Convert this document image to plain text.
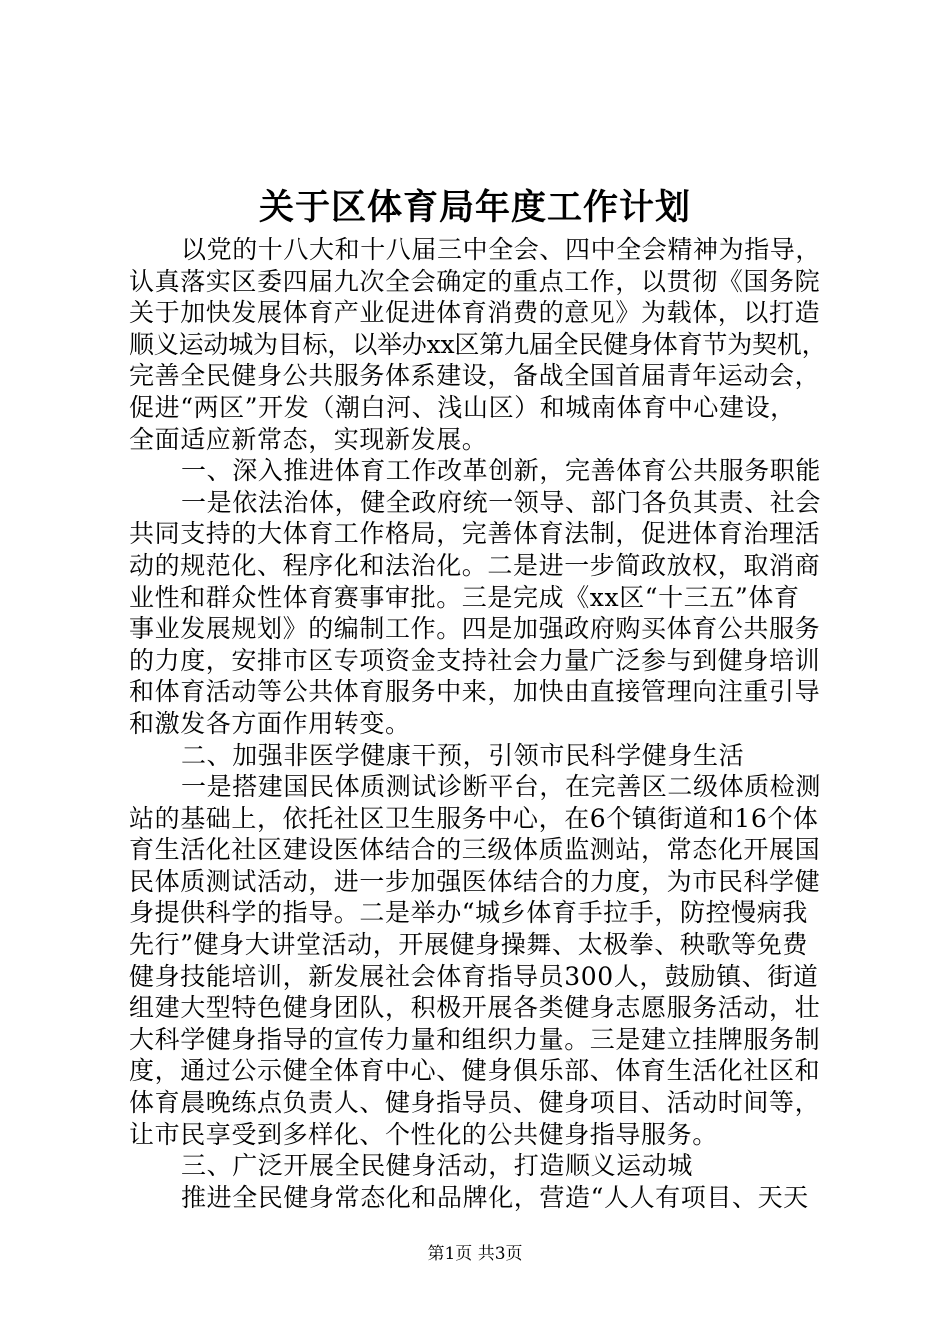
关于区体育局年度工作计划
以党的十八大和十八届三中全会、四中全会精神为指导，
认真落实区委四届九次全会确定的重点工作，以贯彻《国务院
关于加快发展体育产业促进体育消费的意见》为载体，以打造
顺义运动城为目标，以举办xx区第九届全民健身体育节为契机，
完善全民健身公共服务体系建设，备战全国首届青年运动会，
促进“两区”开发（潮白河、浅山区）和城南体育中心建设，
全面适应新常态，实现新发展。
一、深入推进体育工作改革创新，完善体育公共服务职能
一是依法治体，健全政府统一领导、部门各负其责、社会
共同支持的大体育工作格局，完善体育法制，促进体育治理活
动的规范化、程序化和法治化。二是进一步简政放权，取消商
业性和群众性体育赛事审批。三是完成《xx区“十三五”体育
事业发展规划》的编制工作。四是加强政府购买体育公共服务
的力度，安排市区专项资金支持社会力量广泛参与到健身培训
和体育活动等公共体育服务中来，加快由直接管理向注重引导
和激发各方面作用转变。
二、加强非医学健康干预，引领市民科学健身生活
一是搭建国民体质测试诊断平台，在完善区二级体质检测
站的基础上，依托社区卫生服务中心，在6个镇街道和16个体
育生活化社区建设医体结合的三级体质监测站，常态化开展国
民体质测试活动，进一步加强医体结合的力度，为市民科学健
身提供科学的指导。二是举办“城乡体育手拉手，防控慢病我
先行”健身大讲堂活动，开展健身操舞、太极拳、秧歌等免费
健身技能培训，新发展社会体育指导员300人，鼓励镇、街道
组建大型特色健身团队，积极开展各类健身志愿服务活动，壮
大科学健身指导的宣传力量和组织力量。三是建立挂牌服务制
度，通过公示健全体育中心、健身俱乐部、体育生活化社区和
体育晨晚练点负责人、健身指导员、健身项目、活动时间等，
让市民享受到多样化、个性化的公共健身指导服务。
三、广泛开展全民健身活动，打造顺义运动城
推进全民健身常态化和品牌化，营造“人人有项目、天天
第1页 共3页
